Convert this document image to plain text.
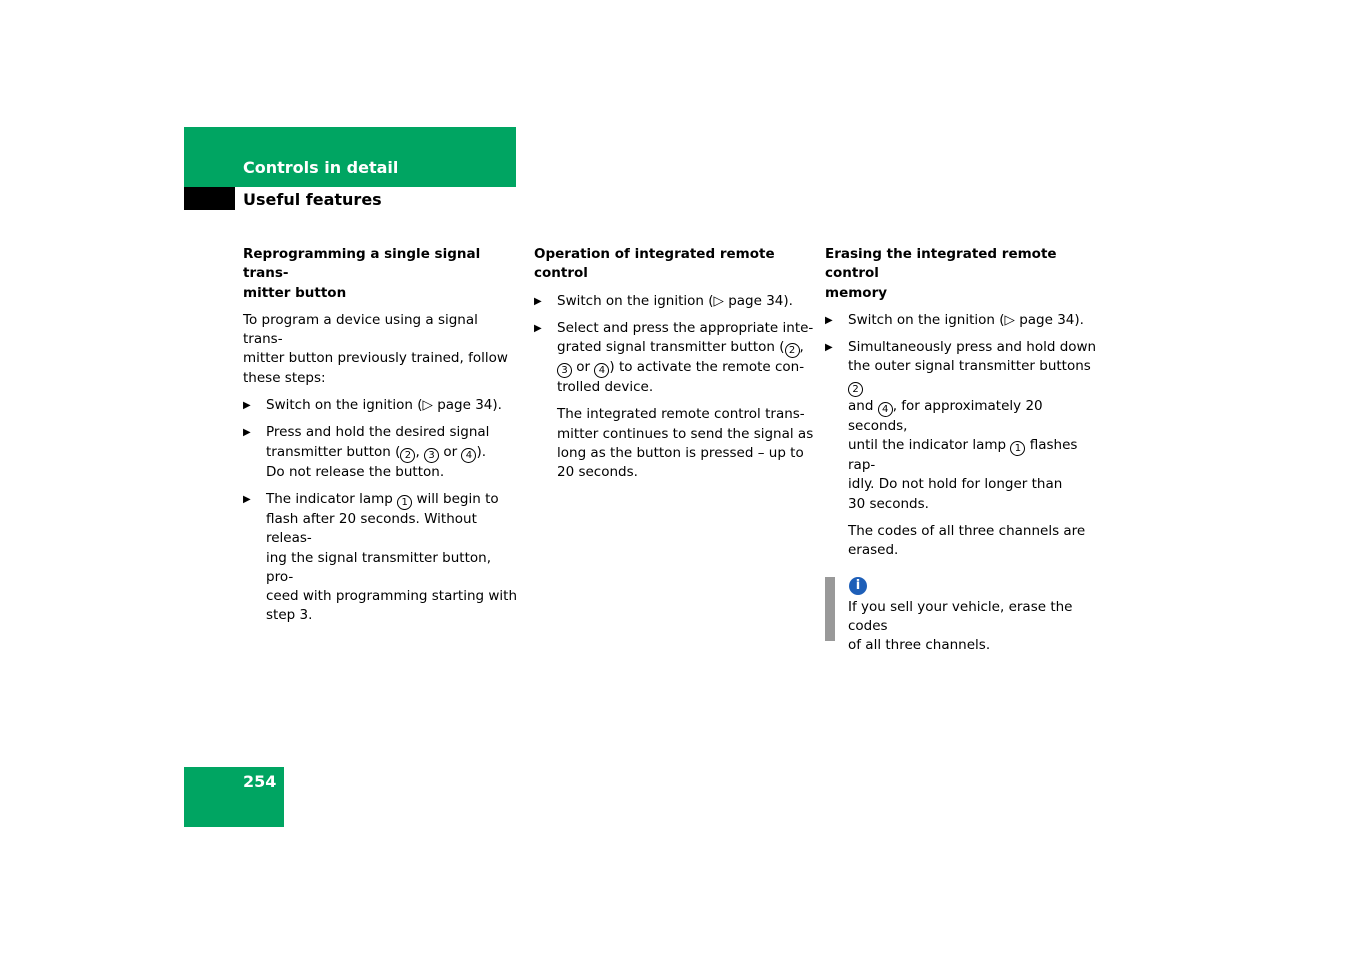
Controls in detail
Useful features
Reprogramming a single signal trans-
mitter button

To program a device using a signal trans-
mitter button previously trained, follow
these steps:

▶ Switch on the ignition (▷ page 34).
▶ Press and hold the desired signal
transmitter button ( 2 , 3 or 4 ).
Do not release the button.
▶ The indicator lamp 1 will begin to
flash after 20 seconds. Without releas-
ing the signal transmitter button, pro-
ceed with programming starting with
step 3.
Operation of integrated remote control
▶ Switch on the ignition (▷ page 34).
▶ Select and press the appropriate inte-
grated signal transmitter button ( 2 ,
3 or 4 ) to activate the remote con-
trolled device.

The integrated remote control trans-
mitter continues to send the signal as
long as the button is pressed – up to
20 seconds.

Erasing the integrated remote control
memory
▶ Switch on the ignition (▷ page 34).
▶ Simultaneously press and hold down
the outer signal transmitter buttons 2
and 4 , for approximately 20 seconds,
until the indicator lamp 1 flashes rap-
idly. Do not hold for longer than
30 seconds.

The codes of all three channels are
erased.

i
If you sell your vehicle, erase the codes
of all three channels.
254
